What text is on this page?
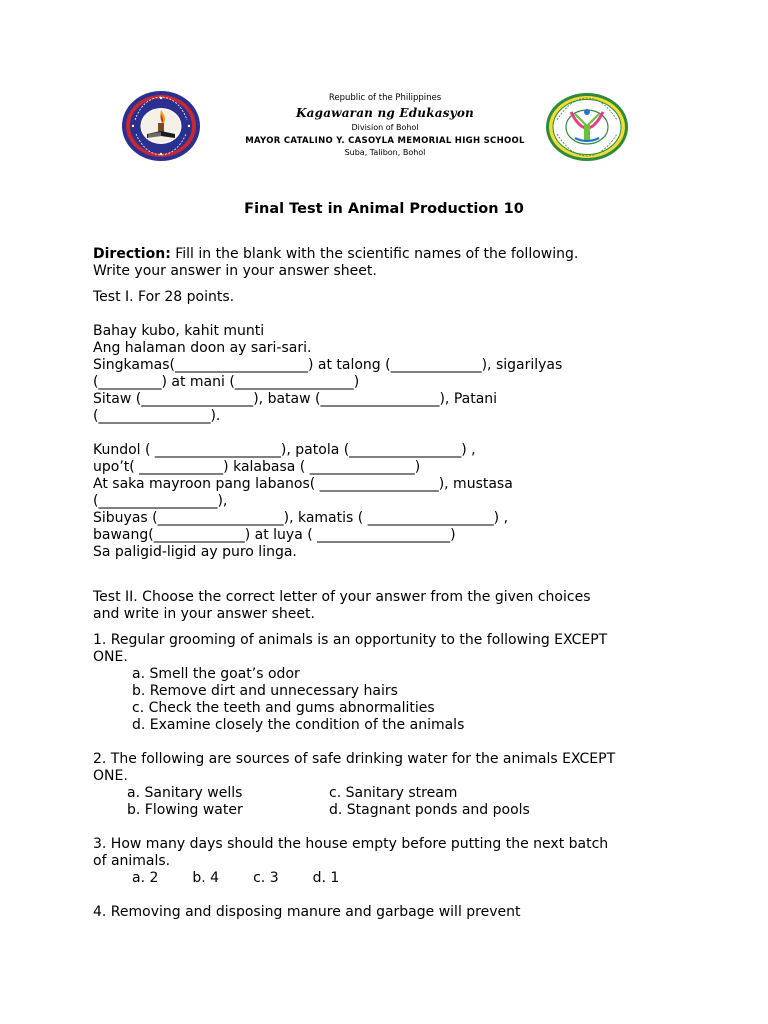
Republic of the Philippines
Kagawaran ng Edukasyon
Division of Bohol
MAYOR CATALINO Y. CASOYLA MEMORIAL HIGH SCHOOL
Suba, Talibon, Bohol
Final Test in Animal Production 10

Direction: Fill in the blank with the scientific names of the following.

Write your answer in your answer sheet.

Test I. For 28 points.

Bahay kubo, kahit munti

Ang halaman doon ay sari-sari.

Singkamas(___________________) at talong (_____________), sigarilyas

(_________) at mani (_________________)

Sitaw (________________), bataw (_________________), Patani

(________________).

Kundol ( __________________), patola (________________) ,

upo’t( ____________) kalabasa ( _______________)

At saka mayroon pang labanos( _________________), mustasa

(_________________),

Sibuyas (__________________), kamatis ( __________________) ,

bawang(_____________) at luya ( ___________________)

Sa paligid-ligid ay puro linga.

Test II. Choose the correct letter of your answer from the given choices

and write in your answer sheet.

1. Regular grooming of animals is an opportunity to the following EXCEPT

ONE.

a. Smell the goat’s odor

b. Remove dirt and unnecessary hairs

c. Check the teeth and gums abnormalities

d. Examine closely the condition of the animals

2. The following are sources of safe drinking water for the animals EXCEPT

ONE.

a. Sanitary wells	c. Sanitary stream
b. Flowing water	d. Stagnant ponds and pools

3. How many days should the house empty before putting the next batch

of animals.

a. 2 b. 4 c. 3 d. 1

4. Removing and disposing manure and garbage will prevent
